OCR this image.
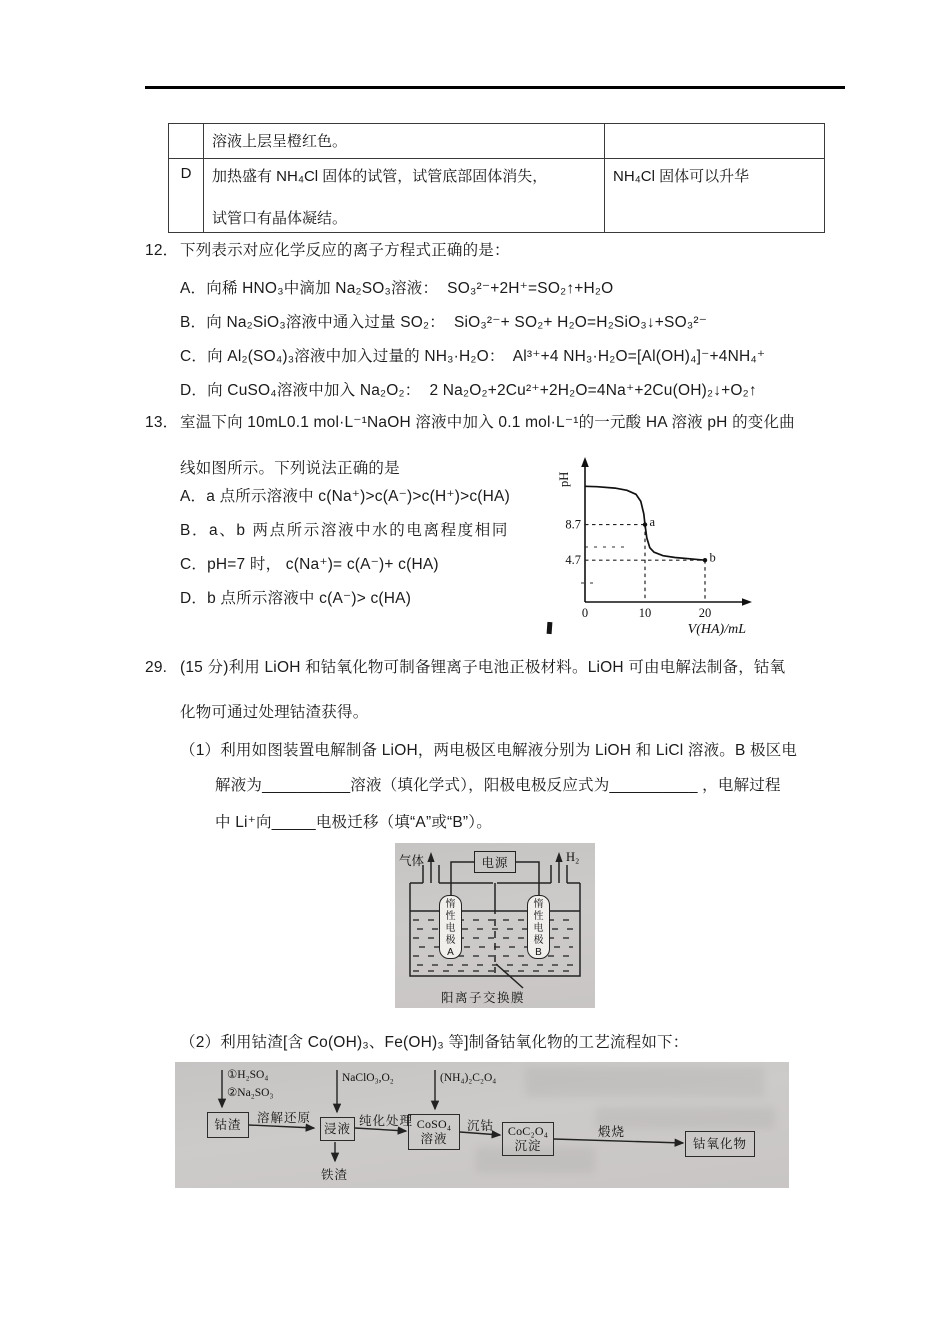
	溶液上层呈橙红色。	

D	加热盛有 NH₄Cl 固体的试管，试管底部固体消失，
试管口有晶体凝结。	NH₄Cl 固体可以升华
12． 下列表示对应化学反应的离子方程式正确的是：
A．向稀 HNO₃中滴加 Na₂SO₃溶液：  SO₃²⁻+2H⁺=SO₂↑+H₂O
B．向 Na₂SiO₃溶液中通入过量 SO₂：  SiO₃²⁻+ SO₂+ H₂O=H₂SiO₃↓+SO₃²⁻
C．向 Al₂(SO₄)₃溶液中加入过量的 NH₃·H₂O：  Al³⁺+4 NH₃·H₂O=[Al(OH)₄]⁻+4NH₄⁺
D．向 CuSO₄溶液中加入 Na₂O₂：  2 Na₂O₂+2Cu²⁺+2H₂O=4Na⁺+2Cu(OH)₂↓+O₂↑
13． 室温下向 10mL0.1 mol·L⁻¹NaOH 溶液中加入 0.1 mol·L⁻¹的一元酸 HA 溶液 pH 的变化曲
线如图所示。下列说法正确的是
A．a 点所示溶液中 c(Na⁺)>c(A⁻)>c(H⁺)>c(HA)
B．a、b 两点所示溶液中水的电离程度相同
C．pH=7 时， c(Na⁺)= c(A⁻)+ c(HA)
D．b 点所示溶液中 c(A⁻)> c(HA)
a
b
8.7
4.7
0	10	20
pH
V(HA)/mL
29. (15 分)利用 LiOH 和钴氧化物可制备锂离子电池正极材料。LiOH 可由电解法制备，钴氧
化物可通过处理钴渣获得。
（1）利用如图装置电解制备 LiOH，两电极区电解液分别为 LiOH 和 LiCl 溶液。B 极区电
解液为__________溶液（填化学式），阳极电极反应式为__________ ，电解过程
中 Li⁺向_____电极迁移（填“A”或“B”）。
气体	H₂
电源
惰性电极A
惰性电极B
阳离子交换膜
（2）利用钴渣[含 Co(OH)₃、Fe(OH)₃ 等]制备钴氧化物的工艺流程如下：
钴渣	浸液	CoSO₄
溶液
CoC₂O₄
沉淀	钴氧化物
溶解还原	纯化处理	沉钴	煅烧
①H₂SO₄
②Na₂SO₃
NaClO₃,O₂	(NH₄)₂C₂O₄
铁渣
